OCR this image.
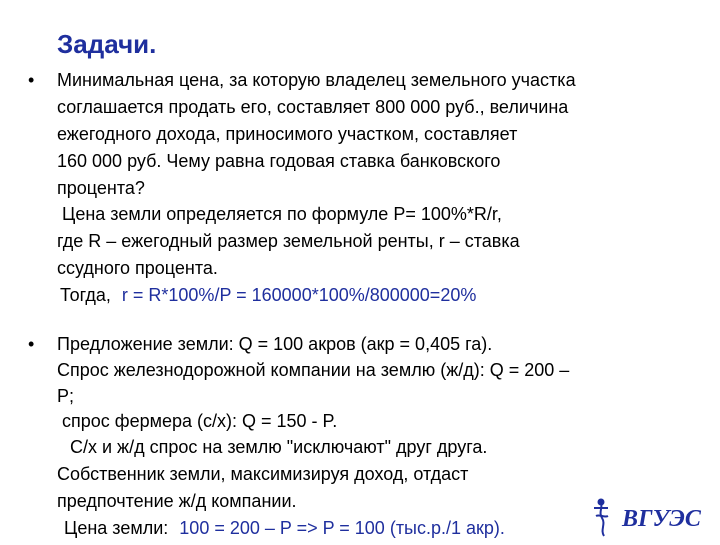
Задачи.
• Минимальная цена, за которую владелец земельного участка
соглашается продать его, составляет 800 000 руб., величина
ежегодного дохода, приносимого участком, составляет
160 000 руб. Чему равна годовая ставка банковского
процента?
Цена земли определяется по формуле P= 100%*R/r,
где R – ежегодный размер земельной ренты, r – ставка
ссудного процента.
Тогда, r = R*100%/P = 160000*100%/800000=20%
• Предложение земли: Q = 100 акров (акр = 0,405 га).
Спрос железнодорожной компании на землю (ж/д): Q = 200 –
P;
спрос фермера (с/х): Q = 150 - P.
С/х и ж/д спрос на землю "исключают" друг друга.
Собственник земли, максимизируя доход, отдаст
предпочтение ж/д компании.
Цена земли: 100 = 200 – P => P = 100 (тыс.р./1 акр).	ВГУЭС
